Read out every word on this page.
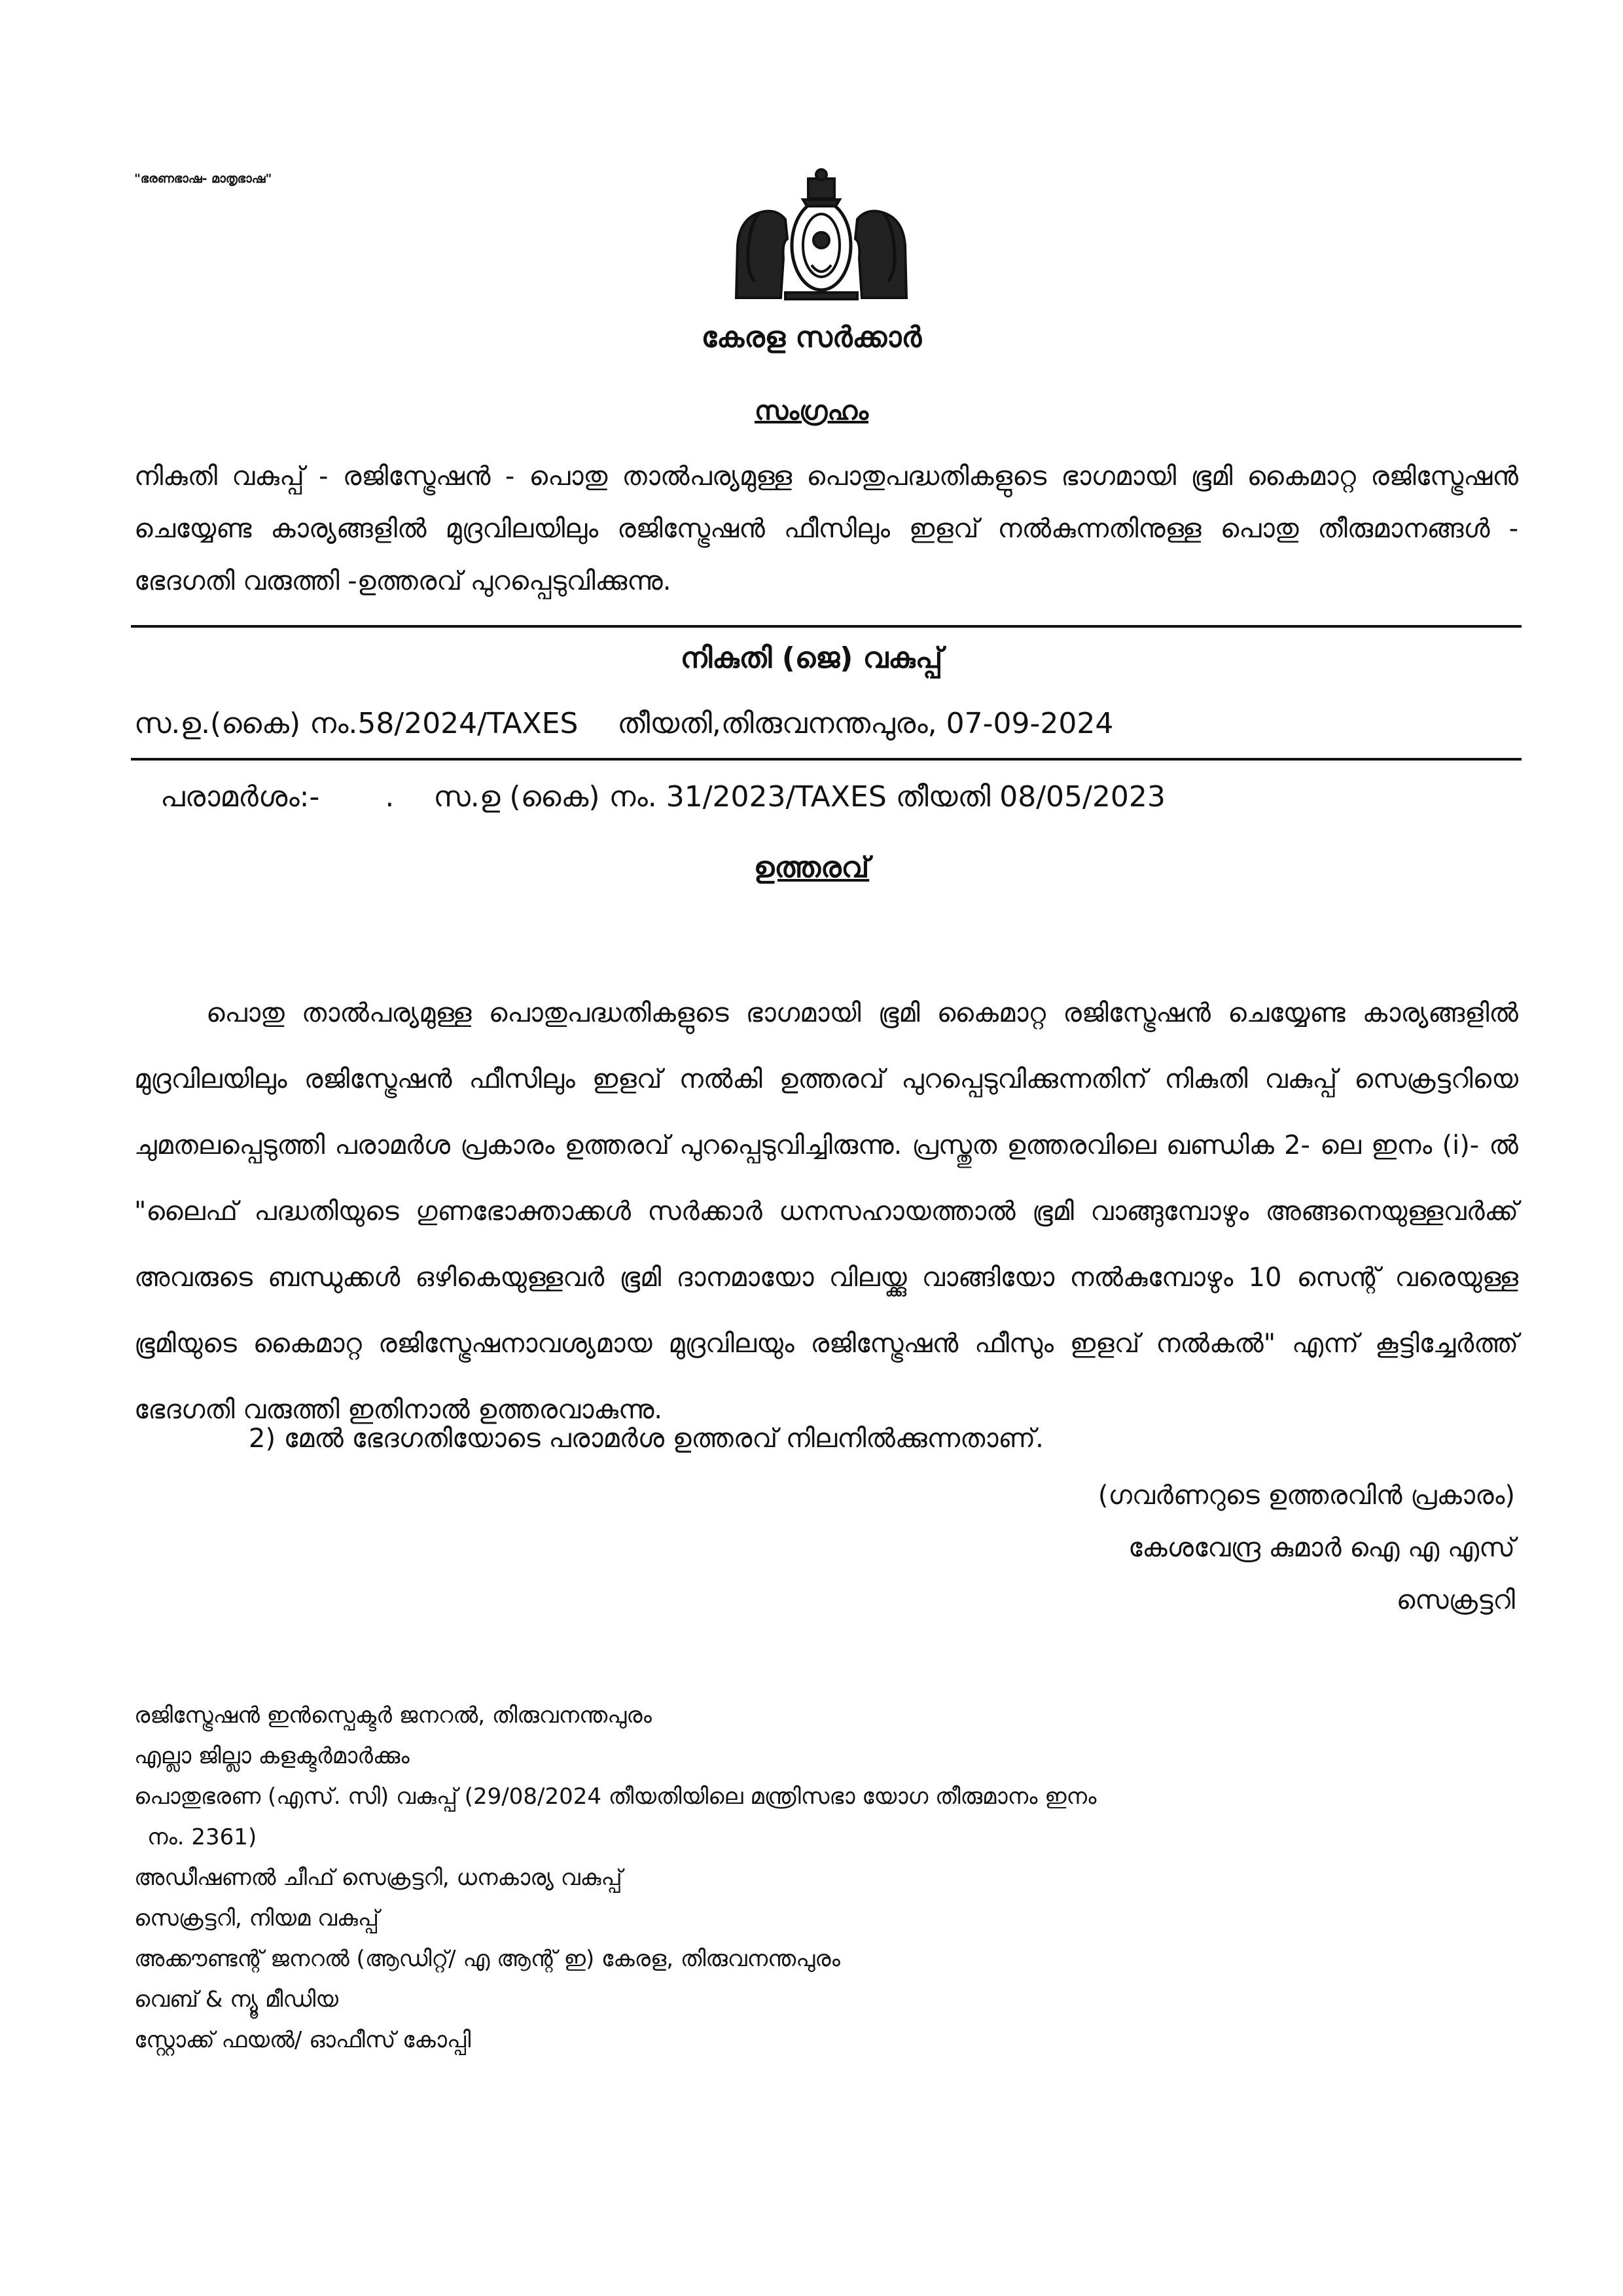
"ഭരണഭാഷ- മാതൃഭാഷ"
കേരള സർക്കാർ
സംഗ്രഹം
നികുതി വകുപ്പ് - രജിസ്ട്രേഷൻ - പൊതു താൽപര്യമുള്ള പൊതുപദ്ധതികളുടെ ഭാഗമായി ഭൂമി കൈമാറ്റ രജിസ്ട്രേഷൻ ചെയ്യേണ്ട കാര്യങ്ങളിൽ മുദ്രവിലയിലും രജിസ്ട്രേഷൻ ഫീസിലും ഇളവ് നൽകുന്നതിനുള്ള പൊതു തീരുമാനങ്ങൾ - ഭേദഗതി വരുത്തി -ഉത്തരവ് പുറപ്പെടുവിക്കുന്നു.
നികുതി (ജെ) വകുപ്പ്
സ.ഉ.(കൈ) നം.58/2024/TAXES തീയതി,തിരുവനന്തപുരം, 07-09-2024
പരാമർശം:- . സ.ഉ (കൈ) നം. 31/2023/TAXES തീയതി 08/05/2023
ഉത്തരവ്
പൊതു താൽപര്യമുള്ള പൊതുപദ്ധതികളുടെ ഭാഗമായി ഭൂമി കൈമാറ്റ രജിസ്ട്രേഷൻ ചെയ്യേണ്ട കാര്യങ്ങളിൽ മുദ്രവിലയിലും രജിസ്ട്രേഷൻ ഫീസിലും ഇളവ് നൽകി ഉത്തരവ് പുറപ്പെടുവിക്കുന്നതിന് നികുതി വകുപ്പ് സെക്രട്ടറിയെ ചുമതലപ്പെടുത്തി പരാമർശ പ്രകാരം ഉത്തരവ് പുറപ്പെടുവിച്ചിരുന്നു. പ്രസ്തുത ഉത്തരവിലെ ഖണ്ഡിക 2- ലെ ഇനം (i)- ൽ "ലൈഫ് പദ്ധതിയുടെ ഗുണഭോക്താക്കൾ സർക്കാർ ധനസഹായത്താൽ ഭൂമി വാങ്ങുമ്പോഴും അങ്ങനെയുള്ളവർക്ക് അവരുടെ ബന്ധുക്കൾ ഒഴികെയുള്ളവർ ഭൂമി ദാനമായോ വിലയ്ക്കു വാങ്ങിയോ നൽകുമ്പോഴും 10 സെന്റ് വരെയുള്ള ഭൂമിയുടെ കൈമാറ്റ രജിസ്ട്രേഷനാവശ്യമായ മുദ്രവിലയും രജിസ്ട്രേഷൻ ഫീസും ഇളവ് നൽകൽ" എന്ന് കൂട്ടിച്ചേർത്ത് ഭേദഗതി വരുത്തി ഇതിനാൽ ഉത്തരവാകുന്നു.
2) മേൽ ഭേദഗതിയോടെ പരാമർശ ഉത്തരവ് നിലനിൽക്കുന്നതാണ്.
(ഗവർണറുടെ ഉത്തരവിൻ പ്രകാരം)
കേശവേന്ദ്ര കുമാർ ഐ എ എസ്
സെക്രട്ടറി
രജിസ്ട്രേഷൻ ഇൻസ്പെക്ടർ ജനറൽ, തിരുവനന്തപുരം
എല്ലാ ജില്ലാ കളക്ടർമാർക്കും
പൊതുഭരണ (എസ്. സി) വകുപ്പ് (29/08/2024 തീയതിയിലെ മന്ത്രിസഭാ യോഗ തീരുമാനം ഇനം
നം. 2361)
അഡീഷണൽ ചീഫ് സെക്രട്ടറി, ധനകാര്യ വകുപ്പ്
സെക്രട്ടറി, നിയമ വകുപ്പ്
അക്കൗണ്ടന്റ് ജനറൽ (ആഡിറ്റ്/ എ ആന്റ് ഇ) കേരള, തിരുവനന്തപുരം
വെബ് & ന്യൂ മീഡിയ
സ്റ്റോക്ക് ഫയൽ/ ഓഫീസ് കോപ്പി
